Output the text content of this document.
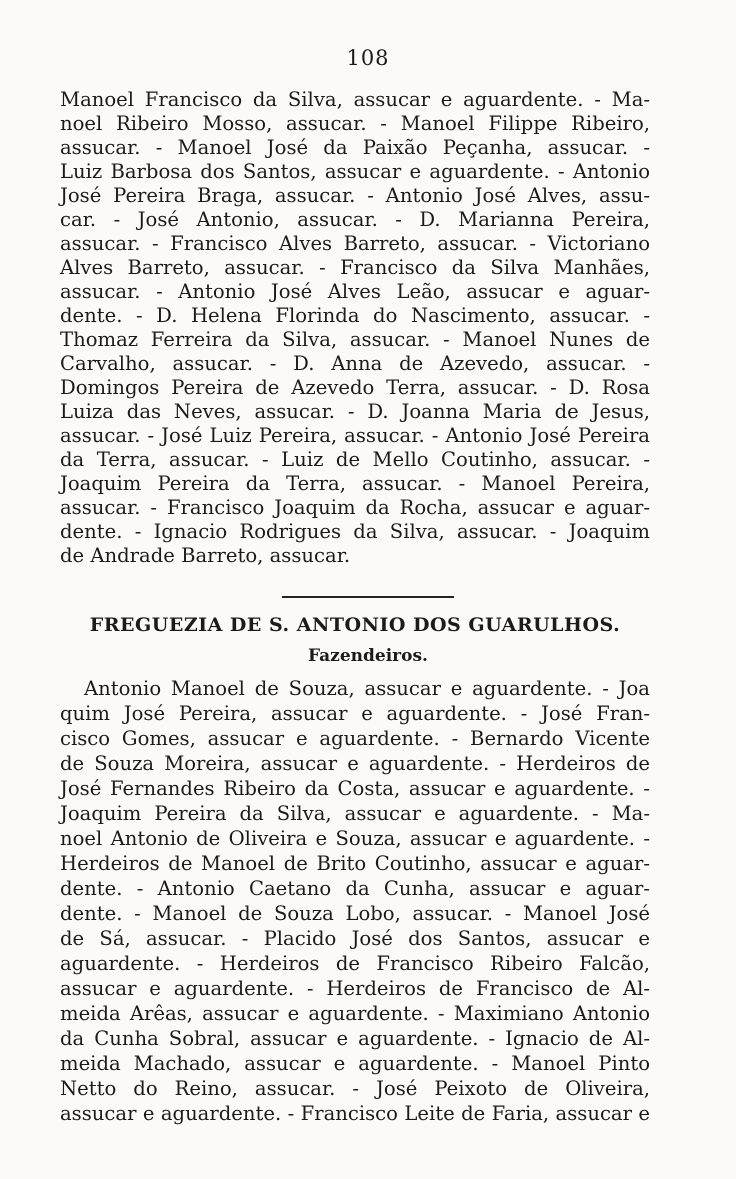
108
Manoel Francisco da Silva, assucar e aguardente. - Ma-
noel Ribeiro Mosso, assucar. - Manoel Filippe Ribeiro,
assucar. - Manoel José da Paixão Peçanha, assucar. -
Luiz Barbosa dos Santos, assucar e aguardente. - Antonio
José Pereira Braga, assucar. - Antonio José Alves, assu-
car. - José Antonio, assucar. - D. Marianna Pereira,
assucar. - Francisco Alves Barreto, assucar. - Victoriano
Alves Barreto, assucar. - Francisco da Silva Manhães,
assucar. - Antonio José Alves Leão, assucar e aguar-
dente. - D. Helena Florinda do Nascimento, assucar. -
Thomaz Ferreira da Silva, assucar. - Manoel Nunes de
Carvalho, assucar. - D. Anna de Azevedo, assucar. -
Domingos Pereira de Azevedo Terra, assucar. - D. Rosa
Luiza das Neves, assucar. - D. Joanna Maria de Jesus,
assucar. - José Luiz Pereira, assucar. - Antonio José Pereira
da Terra, assucar. - Luiz de Mello Coutinho, assucar. -
Joaquim Pereira da Terra, assucar. - Manoel Pereira,
assucar. - Francisco Joaquim da Rocha, assucar e aguar-
dente. - Ignacio Rodrigues da Silva, assucar. - Joaquim
de Andrade Barreto, assucar.
FREGUEZIA DE S. ANTONIO DOS GUARULHOS.
Fazendeiros.
Antonio Manoel de Souza, assucar e aguardente. - Joa
quim José Pereira, assucar e aguardente. - José Fran-
cisco Gomes, assucar e aguardente. - Bernardo Vicente
de Souza Moreira, assucar e aguardente. - Herdeiros de
José Fernandes Ribeiro da Costa, assucar e aguardente. -
Joaquim Pereira da Silva, assucar e aguardente. - Ma-
noel Antonio de Oliveira e Souza, assucar e aguardente. -
Herdeiros de Manoel de Brito Coutinho, assucar e aguar-
dente. - Antonio Caetano da Cunha, assucar e aguar-
dente. - Manoel de Souza Lobo, assucar. - Manoel José
de Sá, assucar. - Placido José dos Santos, assucar e
aguardente. - Herdeiros de Francisco Ribeiro Falcão,
assucar e aguardente. - Herdeiros de Francisco de Al-
meida Arêas, assucar e aguardente. - Maximiano Antonio
da Cunha Sobral, assucar e aguardente. - Ignacio de Al-
meida Machado, assucar e aguardente. - Manoel Pinto
Netto do Reino, assucar. - José Peixoto de Oliveira,
assucar e aguardente. - Francisco Leite de Faria, assucar e
